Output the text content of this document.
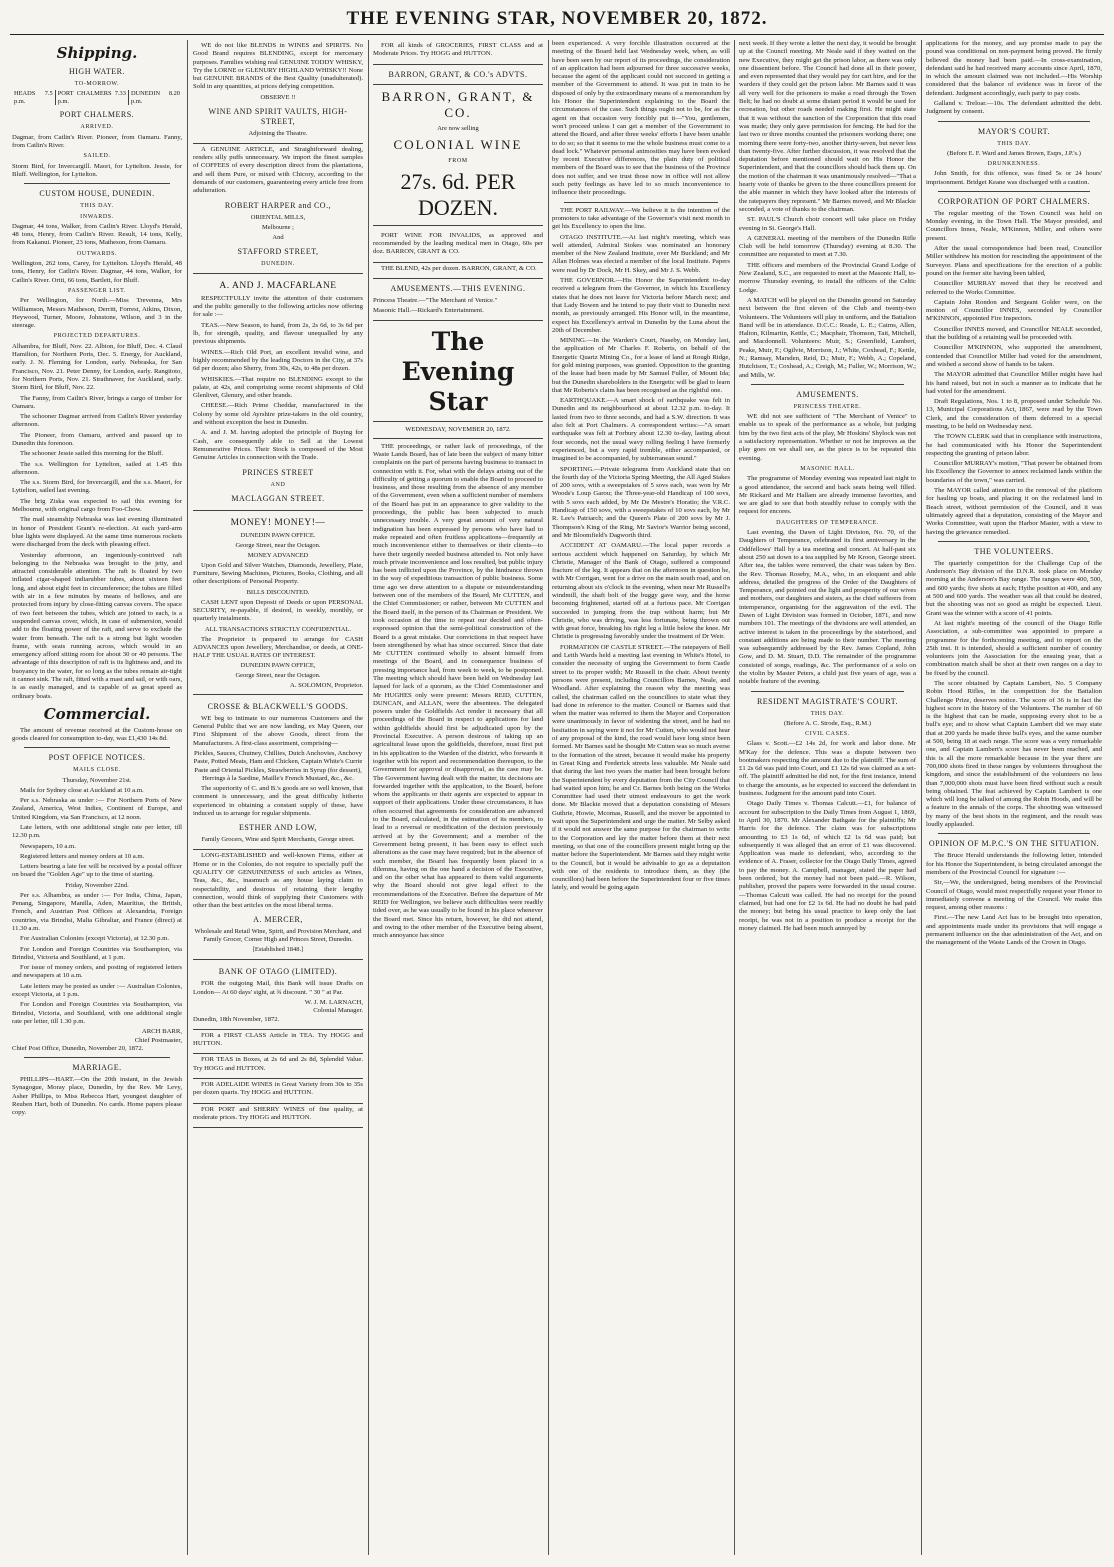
THE EVENING STAR, NOVEMBER 20, 1872.
Shipping.
HIGH WATER.
TO-MORROW.
HEADS 7.5 p.m.	PORT CHALMERS 7.33 p.m.	DUNEDIN 8.20 p.m.
PORT CHALMERS.
ARRIVED.

Dagmar, from Catlin's River. Pioneer, from Oamaru. Fanny, from Catlin's River.

SAILED.

Storm Bird, for Invercargill. Maori, for Lyttelton. Jessie, for Bluff. Wellington, for Lyttelton.

CUSTOM HOUSE, DUNEDIN.
THIS DAY.
INWARDS.

Dagmar, 44 tons, Walker, from Catlin's River. Lloyd's Herald, 48 tons, Henry, from Catlin's River. Result, 14 tons, Kelly, from Kakanui. Pioneer, 23 tons, Matheson, from Oamaru.

OUTWARDS.

Wellington, 262 tons, Carey, for Lyttelton. Lloyd's Herald, 48 tons, Henry, for Catlin's River. Dagmar, 44 tons, Walker, for Catlin's River. Oriti, 66 tons, Bartlett, for Bluff.

PASSENGER LIST.

Per Wellington, for North.—Miss Trevenna, Mrs Williamson, Messrs Matheson, Derritt, Forrest, Atkins, Dixon, Heywood, Turner, Moore, Johnstone, Wilson, and 3 in the steerage.

PROJECTED DEPARTURES.

Alhambra, for Bluff, Nov. 22. Albion, for Bluff, Dec. 4. Claud Hamilton, for Northern Ports, Dec. 5. Energy, for Auckland, early. J. N. Fleming for London, early. Nebraska, for San Francisco, Nov. 21. Peter Denny, for London, early. Rangitoto, for Northern Ports, Nov. 21. Strathnaver, for Auckland, early. Storm Bird, for Bluff, Nov. 22.

The Fanny, from Catlin's River, brings a cargo of timber for Oamaru.

The schooner Dagmar arrived from Catlin's River yesterday afternoon.

The Pioneer, from Oamaru, arrived and passed up to Dunedin this forenoon.

The schooner Jessie sailed this morning for the Bluff.

The s.s. Wellington for Lyttelton, sailed at 1.45 this afternoon.

The s.s. Storm Bird, for Invercargill, and the s.s. Maori, for Lyttelton, sailed last evening.

The brig Ziska was expected to sail this evening for Melbourne, with original cargo from Foo-Chow.

The mail steamship Nebraska was last evening illuminated in honor of President Grant's re-election. At each yard-arm blue lights were displayed. At the same time numerous rockets were discharged from the deck with pleasing effect.

Yesterday afternoon, an ingeniously-contrived raft belonging to the Nebraska was brought to the jetty, and attracted considerable attention. The raft is floated by two inflated cigar-shaped indiarubber tubes, about sixteen feet long, and about eight feet in circumference; the tubes are filled with air in a few minutes by means of bellows, and are protected from injury by close-fitting canvas covers. The space of two feet between the tubes, which are joined to each, is a suspended canvas cover, which, in case of submersion, would add to the floating power of the raft, and serve to exclude the water from beneath. The raft is a strong but light wooden frame, with seats running across, which would in an emergency afford sitting room for about 30 or 40 persons. The advantage of this description of raft is its lightness and, and its buoyancy in the water, for so long as the tubes remain air-tight it cannot sink. The raft, fitted with a mast and sail, or with oars, is as easily managed, and is capable of as great speed as ordinary boats.

Commercial.

The amount of revenue received at the Custom-house on goods cleared for consumption to-day, was £1,430 14s 8d.

POST OFFICE NOTICES.
MAILS CLOSE.
Thursday, November 21st.

Mails for Sydney close at Auckland at 10 a.m.

Per s.s. Nebraska as under :— For Northern Ports of New Zealand, America, West Indies, Continent of Europe, and United Kingdom, via San Francisco, at 12 noon.

Late letters, with one additional single rate per letter, till 12.30 p.m.

Newspapers, 10 a.m.

Registered letters and money orders at 10 a.m.

Letters bearing a late fee will be received by a postal officer on board the "Golden Age" up to the time of starting.

Friday, November 22nd.

Per s.s. Alhambra, as under :— For India, China, Japan, Penang, Singapore, Manilla, Aden, Mauritius, the British, French, and Austrian Post Offices at Alexandria, Foreign countries, via Brindisi, Malta Gibraltar, and France (direct) at 11.30 a.m.

For Australian Colonies (except Victoria), at 12.30 p.m.

For London and Foreign Countries via Southampton, via Brindisi, Victoria and Southland, at 1 p.m.

For issue of money orders, and posting of registered letters and newspapers at 10 a.m.

Late letters may be posted as under :— Australian Colonies, except Victoria, at 1 p.m.

For London and Foreign Countries via Southampton, via Brindisi, Victoria, and Southland, with one additional single rate per letter, till 1.30 p.m.

ARCH BARR,
Chief Postmaster,

Chief Post Office, Dunedin, November 20, 1872.

MARRIAGE.

PHILLIPS—HART.—On the 20th instant, in the Jewish Synagogue, Moray place, Dunedin, by the Rev. Mr Levy, Asher Phillips, to Miss Rebecca Hart, youngest daughter of Reuben Hart, both of Dunedin. No cards. Home papers please copy.

WE do not like BLENDS in WINES and SPIRITS. No Good Brand requires BLENDING, except for mercenary purposes. Families wishing real GENUINE TODDY WHISKY, Try the LORNE or GLENURY HIGHLAND WHISKY!! None but GENUINE BRANDS of the Best Quality (unadulterated). Sold in any quantities, at prices defying competition.

OBSERVE !!
WINE AND SPIRIT VAULTS, HIGH-STREET,
Adjoining the Theatre.

A GENUINE ARTICLE, and Straightforward dealing, renders silly puffs unnecessary. We import the finest samples of COFFEES of every description direct from the plantations, and sell them Pure, or mixed with Chicory, according to the demands of our customers, guaranteeing every article free from adulteration.

ROBERT HARPER and CO.,
ORIENTAL MILLS,
Melbourne ;
And
STAFFORD STREET,
DUNEDIN.
A. AND J. MACFARLANE

RESPECTFULLY invite the attention of their customers and the public generally to the following articles now offering for sale :—

TEAS.—New Season, to hand, from 2s, 2s 6d, to 3s 6d per lb, for strength, quality, and flavour unequalled by any previous shipments.

WINES.—Rich Old Port, an excellent invalid wine, and highly recommended by the leading Doctors in the City, at 37s 6d per dozen; also Sherry, from 30s, 42s, to 48s per dozen.

WHISKIES.—That require no BLENDING except to the palate, at 42s, and comprising some recent shipments of Old Glenlivet, Glenury, and other brands.

CHEESE.—Rich Prime Cheddar, manufactured in the Colony by some old Ayrshire prize-takers in the old country, and without exception the best in Dunedin.

A. and J. M. having adopted the principle of Buying for Cash, are consequently able to Sell at the Lowest Remunerative Prices. Their Stock is composed of the Most Genuine Articles in connection with the Trade.

PRINCES STREET
AND
MACLAGGAN STREET.
MONEY! MONEY!—
DUNEDIN PAWN OFFICE.
George Street, near the Octagon.
MONEY ADVANCED

Upon Gold and Silver Watches, Diamonds, Jewellery, Plate, Furniture, Sewing Machines, Pictures, Books, Clothing, and all other descriptions of Personal Property.

BILLS DISCOUNTED.

CASH LENT upon Deposit of Deeds or upon PERSONAL SECURITY, re-payable, if desired, in weekly, monthly, or quarterly instalments.

ALL TRANSACTIONS STRICTLY CONFIDENTIAL.

The Proprietor is prepared to arrange for CASH ADVANCES upon Jewellery, Merchandise, or deeds, at ONE-HALF THE USUAL RATES OF INTEREST.

DUNEDIN PAWN OFFICE,
George Street, near the Octagon.
A. SOLOMON, Proprietor.
CROSSE & BLACKWELL'S GOODS.

WE beg to intimate to our numerous Customers and the General Public that we are now landing, ex May Queen, our First Shipment of the above Goods, direct from the Manufacturers. A first-class assortment, comprising—

Pickles, Sauces, Chutney, Chillies, Dutch Anchovies, Anchovy Paste, Potted Meats, Ham and Chicken, Captain White's Currie Paste and Oriental Pickles, Strawberries in Syrup (for dessert), Herrings à la Sardine, Maille's French Mustard, &c., &c.

The superiority of C. and B.'s goods are so well known, that comment is unnecessary, and the great difficulty hitherto experienced in obtaining a constant supply of these, have induced us to arrange for regular shipments.

ESTHER AND LOW,
Family Grocers, Wine and Spirit Merchants, George street.

LONG-ESTABLISHED and well-known Firms, either at Home or in the Colonies, do not require to specially puff the QUALITY OF GENUINENESS of such articles as Wines, Teas, &c., &c., inasmuch as any house laying claim to respectability, and desirous of retaining their lengthy connection, would think of supplying their Customers with other than the best articles on the most liberal terms.

A. MERCER,
Wholesale and Retail Wine, Spirit, and Provision Merchant, and Family Grocer, Corner High and Princes Street, Dunedin.
[Established 1848.]
BANK OF OTAGO (LIMITED).

FOR the outgoing Mail, this Bank will issue Drafts on London— At 60 days' sight, at ¾ discount. " 30 " at Par.

W. J. M. LARNACH,
Colonial Manager.

Dunedin, 18th November, 1872.

FOR a FIRST CLASS Article in TEA. Try HOGG and HUTTON.

FOR TEAS in Boxes, at 2s 6d and 2s 8d, Splendid Value. Try HOGG and HUTTON.

FOR ADELAIDE WINES in Great Variety from 30s to 35s per dozen quarts. Try HOGG and HUTTON.

FOR PORT and SHERRY WINES of fine quality, at moderate prices. Try HOGG and HUTTON.

FOR all kinds of GROCERIES, FIRST CLASS and at Moderate Prices. Try HOGG and HUTTON.

BARRON, GRANT, & CO.'s ADVTS.
BARRON, GRANT, & CO.
Are now selling
COLONIAL WINE
FROM
27s. 6d. PER DOZEN.

PORT WINE FOR INVALIDS, as approved and recommended by the leading medical men in Otago, 60s per doz. BARRON, GRANT & CO.

THE BLEND, 42s per dozen. BARRON, GRANT, & CO.

AMUSEMENTS.—THIS EVENING.

Princess Theatre.—"The Merchant of Venice."

Masonic Hall.—Rickard's Entertainment.

The Evening Star
WEDNESDAY, NOVEMBER 20, 1872.

THE proceedings, or rather lack of proceedings, of the Waste Lands Board, has of late been the subject of many bitter complaints on the part of persons having business to transact in connection with it. For, what with the delays arising out of the difficulty of getting a quorum to enable the Board to proceed to business, and those resulting from the absence of any member of the Government, even when a sufficient number of members of the Board has put in an appearance to give validity to the proceedings, the public has been subjected to much unnecessary trouble. A very great amount of very natural indignation has been expressed by persons who have had to make repeated and often fruitless applications—frequently at much inconvenience either to themselves or their clients—to have their urgently needed business attended to. Not only have much private inconvenience and loss resulted, but public injury has been inflicted upon the Province, by the hindrance thrown in the way of expeditious transaction of public business. Some time ago we drew attention to a dispute or misunderstanding between one of the members of the Board, Mr CUTTEN, and the Chief Commissioner; or rather, between Mr CUTTEN and the Board itself, in the person of its Chairman or President. We took occasion at the time to repeat our decided and often-expressed opinion that the semi-political construction of the Board is a great mistake. Our convictions in that respect have been strengthened by what has since occurred. Since that date Mr CUTTEN continued wholly to absent himself from meetings of the Board, and in consequence business of pressing importance had, from week to week, to be postponed. The meeting which should have been held on Wednesday last lapsed for lack of a quorum, as the Chief Commissioner and Mr HUGHES only were present: Messrs REID, CUTTEN, DUNCAN, and ALLAN, were the absentees. The delegated powers under the Goldfields Act render it necessary that all proceedings of the Board in respect to applications for land within goldfields should first be adjudicated upon by the Provincial Executive. A person desirous of taking up an agricultural lease upon the goldfields, therefore, must first put in his application to the Warden of the district, who forwards it together with his report and recommendation thereupon, to the Government for approval or disapproval, as the case may be. The Government having dealt with the matter, its decisions are forwarded together with the application, to the Board, before whom the applicants or their agents are expected to appear in support of their applications. Under these circumstances, it has often occurred that agreements for consideration are advanced to the Board, calculated, in the estimation of its members, to lead to a reversal or modification of the decision previously arrived at by the Government; and a member of the Government being present, it has been easy to effect such alterations as the case may have required; but in the absence of such member, the Board has frequently been placed in a dilemma, having on the one hand a decision of the Executive, and on the other what has appeared to them valid arguments why the Board should not give legal effect to the recommendations of the Executive. Before the departure of Mr REID for Wellington, we believe such difficulties were readily tided over, as he was usually to be found in his place whenever the Board met. Since his return, however, he did not attend, and owing to the other member of the Executive being absent, much annoyance has since

been experienced. A very forcible illustration occurred at the meeting of the Board held last Wednesday week, when, as will have been seen by our report of its proceedings, the consideration of an application had been adjourned for three successive weeks, because the agent of the applicant could not succeed in getting a member of the Government to attend. It was put in train to be disposed of only by the extraordinary means of a memorandum by his Honor the Superintendent explaining to the Board the circumstances of the case. Such things ought not to be, for as the agent on that occasion very forcibly put it—"You, gentlemen, won't proceed unless I can get a member of the Government to attend the Board, and after three weeks' efforts I have been unable to do so; so that it seems to me the whole business must come to a dead lock." Whatever personal animosities may have been evoked by recent Executive differences, the plain duty of political members of the Board was to see that the business of the Province does not suffer, and we trust those now in office will not allow such petty feelings as have led to so much inconvenience to influence their proceedings.

THE PORT RAILWAY.—We believe it is the intention of the promoters to take advantage of the Governor's visit next month to get his Excellency to open the line.

OTAGO INSTITUTE.—At last night's meeting, which was well attended, Admiral Stokes was nominated an honorary member of the New Zealand Institute, over Mr Buckland; and Mr Allan Holmes was elected a member of the local Institute. Papers were read by Dr Dock, Mr H. Skey, and Mr J. S. Webb.

THE GOVERNOR.—His Honor the Superintendent to-day received a telegram from the Governor, in which his Excellency states that he does not leave for Victoria before March next; and that Lady Bowen and he intend to pay their visit to Dunedin next month, as previously arranged. His Honor will, in the meantime, expect his Excellency's arrival in Dunedin by the Luna about the 20th of December.

MINING.—In the Warden's Court, Naseby, on Monday last, the application of Mr Charles F. Roberts, on behalf of the Energetic Quartz Mining Co., for a lease of land at Rough Ridge, for gold mining purposes, was granted. Opposition to the granting of the lease had been made by Mr Samuel Fuller, of Mount Ida; but the Dunedin shareholders in the Energetic will be glad to learn that Mr Roberts's claim has been recognised as the rightful one.

EARTHQUAKE.—A smart shock of earthquake was felt in Dunedin and its neighbourhood at about 12.32 p.m. to-day. It lasted from two to three seconds, and had a S.W. direction. It was also felt at Port Chalmers. A correspondent writes:—"A smart earthquake was felt at Forbury about 12.30 to-day, lasting about four seconds, not the usual wavy rolling feeling I have formerly experienced, but a very rapid tremble, either accompanied, or imagined to be accompanied, by subterranean sound."

SPORTING.—Private telegrams from Auckland state that on the fourth day of the Victoria Spring Meeting, the All Aged Stakes of 200 sovs, with a sweepstakes of 5 sovs each, was won by Mr Woods's Loup Garou; the Three-year-old Handicap of 100 sovs, with 5 sovs each added, by Mr De Mestre's Horatio; the V.R.C. Handicap of 150 sovs, with a sweepstakes of 10 sovs each, by Mr R. Lee's Patriarch; and the Queen's Plate of 200 sovs by Mr J. Thompson's King of the Ring, Mr Savior's Warrior being second, and Mr Bloomfield's Dagworth third.

ACCIDENT AT OAMARU.—The local paper records a serious accident which happened on Saturday, by which Mr Christie, Manager of the Bank of Otago, suffered a compound fracture of the leg. It appears that on the afternoon in question he, with Mr Corrigan, went for a drive on the main south road, and on returning about six o'clock in the evening, when near Mr Russell's windmill, the shaft bolt of the buggy gave way, and the horse becoming frightened, started off at a furious pace. Mr Corrigan succeeded in jumping from the trap without harm; but Mr Christie, who was driving, was less fortunate, being thrown out with great force, breaking his right leg a little below the knee. Mr Christie is progressing favorably under the treatment of Dr Weir.

FORMATION OF CASTLE STREET.—The ratepayers of Bell and Leith Wards held a meeting last evening in White's Hotel, to consider the necessity of urging the Government to form Castle street to its proper width; Mr Russell in the chair. About twenty persons were present, including Councillors Barnes, Neale, and Woodland. After explaining the reason why the meeting was called, the chairman called on the councillors to state what they had done in reference to the matter. Council or Barnes said that when the matter was referred to them the Mayor and Corporation were unanimously in favor of widening the street, and he had no hesitation in saying were it not for Mr Cutten, who would not hear of any proposal of the kind, the road would have long since been formed. Mr Barnes said he thought Mr Cutten was so much averse to the formation of the street, because it would make his property in Great King and Frederick streets less valuable. Mr Neale said that during the last two years the matter had been brought before the Superintendent by every deputation from the City Council that had waited upon him; he and Cr. Barnes both being on the Works Committee had used their utmost endeavours to get the work done. Mr Blackie moved that a deputation consisting of Messrs Guthrie, Howie, Mcomas, Russell, and the mover be appointed to wait upon the Superintendent and urge the matter. Mr Selby asked if it would not answer the same purpose for the chairman to write to the Corporation and lay the matter before them at their next meeting, so that one of the councillors present might bring up the matter before the Superintendent. Mr Barnes said they might write to the Council, but it would be advisable to go as a deputation with one of the residents to introduce them, as they (the councillors) had been before the Superintendent four or five times lately, and would be going again

next week. If they wrote a letter the next day, it would be brought up at the Council meeting. Mr Neale said if they waited on the new Executive, they might get the prison labor, as there was only one dissentient before. The Council had done all in their power, and even represented that they would pay for cart hire, and for the warders if they could get the prison labor. Mr Barnes said it was all very well for the prisoners to make a road through the Town Belt; he had no doubt at some distant period it would be used for recreation, but other roads needed making first. He might state that it was without the sanction of the Corporation that this road was made; they only gave permission for fencing. He had for the last two or three months counted the prisoners working there; one morning there were forty-two, another thirty-seven, but never less than twenty-five. After further discussion, it was resolved that the deputation before mentioned should wait on His Honor the Superintendent, and that the councillors should back them up. On the motion of the chairman it was unanimously resolved—"That a hearty vote of thanks be given to the three councillors present for the able manner in which they have looked after the interests of the ratepayers they represent." Mr Barnes moved, and Mr Blackie seconded, a vote of thanks to the chairman.

ST. PAUL'S Church choir concert will take place on Friday evening in St. George's Hall.

A GENERAL meeting of the members of the Dunedin Rifle Club will be held tomorrow (Thursday) evening at 8.30. The committee are requested to meet at 7.30.

THE officers and members of the Provincial Grand Lodge of New Zealand, S.C., are requested to meet at the Masonic Hall, to-morrow Thursday evening, to install the officers of the Celtic Lodge.

A MATCH will be played on the Dunedin ground on Saturday next between the first eleven of the Club and twenty-two Volunteers. The Volunteers will play in uniform, and the Battalion Band will be in attendance. D.C.C.: Reade, L. E.; Cairns, Allen, Halton, Kilmartin, Kettle, C.; Macphair, Thomson, Tait, Mitchell, and Macdonnell. Volunteers: Muir, S.; Greenfield, Lambert, Peake, Muir, F.; Ogilvie, Morrison, J.; White, Coxhead, F.; Kettle, N.; Ramsay, Marsden, Reid, D.; Muir, F.; Webb, A.; Copeland, Hutchison, T.; Coxhead, A.; Creigh, M.; Fuller, W.; Morrison, W.; and Mills, W.

AMUSEMENTS.
PRINCESS THEATRE.

WE did not see sufficient of "The Merchant of Venice" to enable us to speak of the performance as a whole, but judging him by the two first acts of the play, Mr Hoskins' Shylock was not a satisfactory representation. Whether or not he improves as the play goes on we shall see, as the piece is to be repeated this evening.

MASONIC HALL.

The programme of Monday evening was repeated last night to a good attendance, the second and back seats being well filled. Mr Rickard and Mr Hallam are already immense favorites, and we are glad to see that both steadily refuse to comply with the request for encores.

DAUGHTERS OF TEMPERANCE.

Last evening, the Dawn of Light Division, No. 70, of the Daughters of Temperance, celebrated its first anniversary in the Oddfellows' Hall by a tea meeting and concert. At half-past six about 250 sat down to a tea supplied by Mr Kroon, George street. After tea, the tables were removed, the chair was taken by Bro. the Rev. Thomas Roseby, M.A., who, in an eloquent and able address, detailed the progress of the Order of the Daughters of Temperance, and pointed out the light and prosperity of our wives and mothers, our daughters and sisters, as the chief sufferers from intemperance, organising for the aggravation of the evil. The Dawn of Light Division was formed in October, 1871, and now numbers 101. The meetings of the divisions are well attended, an active interest is taken in the proceedings by the sisterhood, and constant additions are being made to their number. The meeting was subsequently addressed by the Rev. James Copland, John Gow, and D. M. Stuart, D.D. The remainder of the programme consisted of songs, readings, &c. The performance of a solo on the violin by Master Peters, a child just five years of age, was a notable feature of the evening.

RESIDENT MAGISTRATE'S COURT.
THIS DAY.
(Before A. C. Strode, Esq., R.M.)
CIVIL CASES.

Glass v. Scott.—£2 14s 2d, for work and labor done. Mr M'Kay for the defence. This was a dispute between two bootmakers respecting the amount due to the plaintiff. The sum of £1 2s 6d was paid into Court, and £1 12s 6d was claimed as a set-off. The plaintiff admitted he did not, for the first instance, intend to charge the amounts, as he expected to succeed the defendant in business. Judgment for the amount paid into Court.

Otago Daily Times v. Thomas Calcutt.—£1, for balance of account for subscription to the Daily Times from August 1, 1869, to April 30, 1870. Mr Alexander Bathgate for the plaintiffs; Mr Harris for the defence. The claim was for subscriptions amounting to £3 1s 6d, of which £2 1s 6d was paid; but subsequently it was alleged that an error of £1 was discovered. Application was made to defendant, who, according to the evidence of A. Fraser, collector for the Otago Daily Times, agreed to pay the money. A. Campbell, manager, stated the paper had been ordered, but the money had not been paid.—R. Wilson, publisher, proved the papers were forwarded in the usual course.—Thomas Calcutt was called. He had no receipt for the pound claimed, but had one for £2 1s 6d. He had no doubt he had paid the money; but being his usual practice to keep only the last receipt, he was not in a position to produce a receipt for the money claimed. He had been much annoyed by

applications for the money, and say promise made to pay the pound was conditional on non-payment being proved. He firmly believed the money had been paid.—In cross-examination, defendant said he had received many accounts since April, 1870, in which the amount claimed was not included.—His Worship considered that the balance of evidence was in favor of the defendant. Judgment accordingly, each party to pay costs.

Galland v. Treloar.—10s. The defendant admitted the debt. Judgment by consent.

MAYOR'S COURT.
THIS DAY.
(Before E. F. Ward and James Brown, Esqrs, J.P.'s.)
DRUNKENNESS.

John Smith, for this offence, was fined 5s or 24 hours' imprisonment. Bridget Keane was discharged with a caution.

CORPORATION OF PORT CHALMERS.

The regular meeting of the Town Council was held on Monday evening, in the Town Hall. The Mayor presided, and Councillors Innes, Neale, M'Kinnon, Miller, and others were present.

After the usual correspondence had been read, Councillor Miller withdrew his motion for rescinding the appointment of the Surveyor. Plans and specifications for the erection of a public pound on the former site having been tabled,

Councillor MURRAY moved that they be received and referred to the Works Committee.

Captain John Rondon and Sergeant Golder were, on the motion of Councillor INNES, seconded by Councillor M'KINNON, appointed Fire Inspectors.

Councillor INNES moved, and Councillor NEALE seconded, that the building of a retaining wall be proceeded with.

Councillor M'KINNON, who supported the amendment, contended that Councillor Miller had voted for the amendment, and wished a second show of hands to be taken.

The MAYOR admitted that Councillor Miller might have had his hand raised, but not in such a manner as to indicate that he had voted for the amendment.

Draft Regulations, Nos. 1 to 8, proposed under Schedule No. 13, Municipal Corporations Act, 1867, were read by the Town Clerk, and the consideration of them deferred to a special meeting, to be held on Wednesday next.

The TOWN CLERK said that in compliance with instructions, he had communicated with his Honor the Superintendent respecting the granting of prison labor.

Councillor MURRAY's motion, "That power be obtained from his Excellency the Governor to annex reclaimed lands within the boundaries of the town," was carried.

The MAYOR called attention to the removal of the platform for hauling up boats, and placing it on the reclaimed land in Beach street, without permission of the Council, and it was ultimately agreed that a deputation, consisting of the Mayor and Works Committee, wait upon the Harbor Master, with a view to having the grievance remedied.

THE VOLUNTEERS.

The quarterly competition for the Challenge Cup of the Anderson's Bay division of the D.N.R. took place on Monday morning at the Anderson's Bay range. The ranges were 400, 500, and 600 yards; five shots at each; Hythe position at 400, and any at 500 and 600 yards. The weather was all that could be desired, but the shooting was not so good as might be expected. Lieut. Grant was the winner with a score of 41 points.

At last night's meeting of the council of the Otago Rifle Association, a sub-committee was appointed to prepare a programme for the forthcoming meeting, and to report on the 25th inst. It is intended, should a sufficient number of country volunteers join the Association for the ensuing year, that a combination match shall be shot at their own ranges on a day to be fixed by the council.

The score obtained by Captain Lambert, No. 5 Company Robin Hood Rifles, in the competition for the Battalion Challenge Prize, deserves notice. The score of 36 is in fact the highest score in the history of the Volunteers. The number of 60 is the highest that can be made, supposing every shot to be a bull's eye; and to show what Captain Lambert did we may state that at 200 yards he made three bull's eyes, and the same number at 500, being 18 at each range. The score was a very remarkable one, and Captain Lambert's score has never been reached, and this is all the more remarkable because in the year there are 700,000 shots fired in these ranges by volunteers throughout the kingdom, and since the establishment of the volunteers no less than 7,000,000 shots must have been fired without such a result being obtained. The feat achieved by Captain Lambert is one which will long be talked of among the Robin Hoods, and will be a feature in the annals of the corps. The shooting was witnessed by many of the best shots in the regiment, and the result was loudly applauded.

OPINION OF M.P.C.'S ON THE SITUATION.

The Bruce Herald understands the following letter, intended for his Honor the Superintendent, is being circulated amongst the members of the Provincial Council for signature :—

Sir,—We, the undersigned, being members of the Provincial Council of Otago, would most respectfully request your Honor to immediately convene a meeting of the Council. We make this request, among other reasons :

First.—The new Land Act has to be brought into operation, and appointments made under its provisions that will engage a permanent influence on the due administration of the Act, and on the management of the Waste Lands of the Crown in Otago.
